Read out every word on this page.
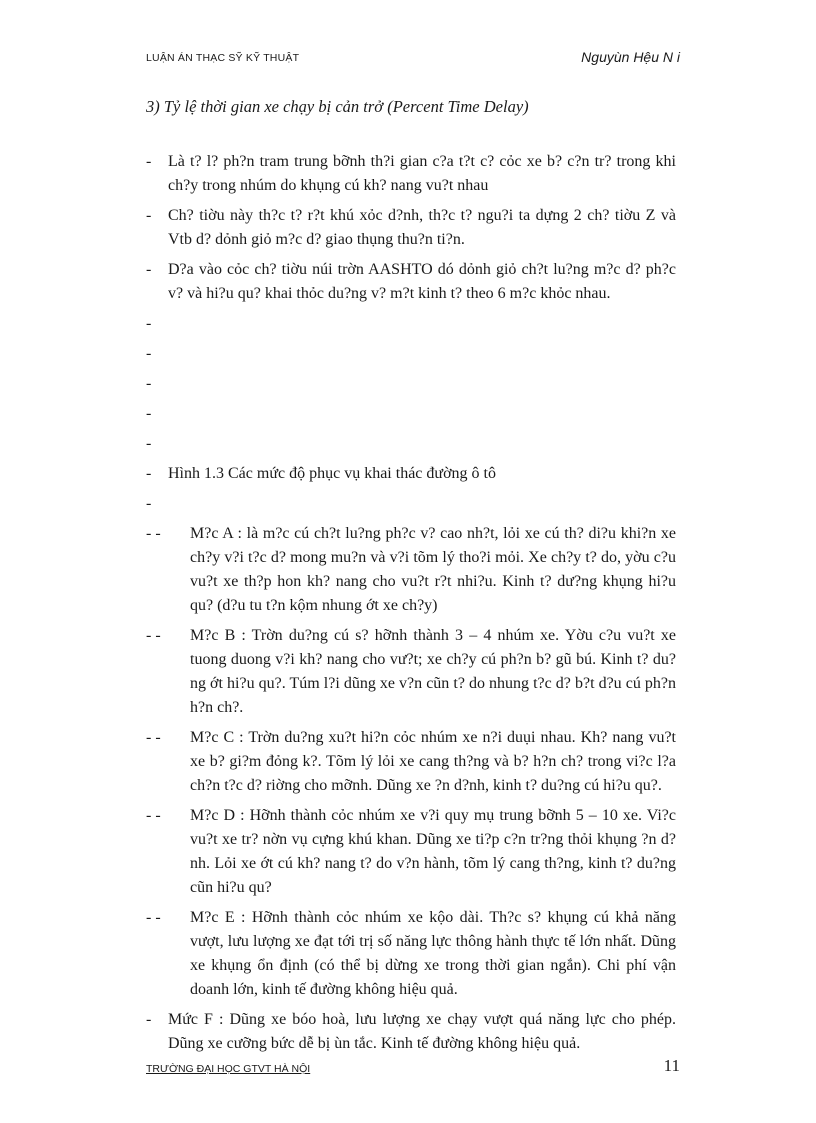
LUẬN ÁN THẠC SỸ KỸ THUẬT	Nguyùn Hệu N i
3) Tỷ lệ thời gian xe chạy bị cản trở (Percent Time Delay)
-	Là t? l? ph?n tram trung bỡnh th?i gian c?a t?t c? cỏc xe b? c?n tr? trong khi ch?y trong nhúm do khụng cú kh? nang vu?t nhau
-	Ch? tiờu này th?c t? r?t khú xỏc d?nh, th?c t? ngu?i ta dựng 2 ch? tiờu Z và Vtb d? dỏnh giỏ m?c d? giao thụng thu?n ti?n.
-	D?a vào cỏc ch? tiờu núi trờn AASHTO dó dỏnh giỏ ch?t lu?ng m?c d? ph?c v? và hi?u qu? khai thỏc du?ng v? m?t kinh t? theo 6 m?c khỏc nhau.
-
-
-
-
-
-	Hình 1.3 Các mức độ phục vụ khai thác đường ô tô
-
- -	M?c A : là m?c cú ch?t lu?ng ph?c v? cao nh?t, lỏi xe cú th? di?u khi?n xe ch?y v?i t?c d? mong mu?n và v?i tõm lý tho?i mỏi. Xe ch?y t? do, yờu c?u vu?t xe th?p hon kh? nang cho vu?t r?t nhi?u. Kinh t? dư?ng khụng hi?u qu? (d?u tu t?n kộm nhung ớt xe ch?y)
- -	M?c B : Trờn du?ng cú s? hỡnh thành 3 – 4 nhúm xe. Yờu c?u vu?t xe tuong duong v?i kh? nang cho vư?t; xe ch?y cú ph?n b? gũ bú. Kinh t? du?ng ớt hi?u qu?. Túm l?i dũng xe v?n cũn t? do nhung t?c d? b?t d?u cú ph?n h?n ch?.
- -	M?c C : Trờn du?ng xu?t hi?n cỏc nhúm xe n?i duụi nhau. Kh? nang vu?t xe b? gi?m đỏng k?. Tõm lý lỏi xe cang th?ng và b? h?n ch? trong vi?c l?a ch?n t?c d? riờng cho mỡnh. Dũng xe ?n d?nh, kinh t? du?ng cú hi?u qu?.
- -	M?c D : Hỡnh thành cỏc nhúm xe v?i quy mụ trung bỡnh 5 – 10 xe. Vi?c vu?t xe tr? nờn vụ cựng khú khan. Dũng xe ti?p c?n tr?ng thỏi khụng ?n d?nh. Lỏi xe ớt cú kh? nang t? do v?n hành, tõm lý cang th?ng, kinh t? du?ng cũn hi?u qu?
- -	M?c E : Hỡnh thành cỏc nhúm xe kộo dài. Th?c s? khụng cú khả năng vượt, lưu lượng xe đạt tới trị số năng lực thông hành thực tế lớn nhất. Dũng xe khụng ổn định (có thể bị dừng xe trong thời gian ngắn). Chi phí vận doanh lớn, kinh tế đường không hiệu quả.
-	Mức F : Dũng xe bóo hoà, lưu lượng xe chạy vượt quá năng lực cho phép. Dũng xe cưỡng bức dễ bị ùn tắc. Kinh tế đường không hiệu quả.
TRƯỜNG ĐẠI HỌC GTVT HÀ NỘI	11
